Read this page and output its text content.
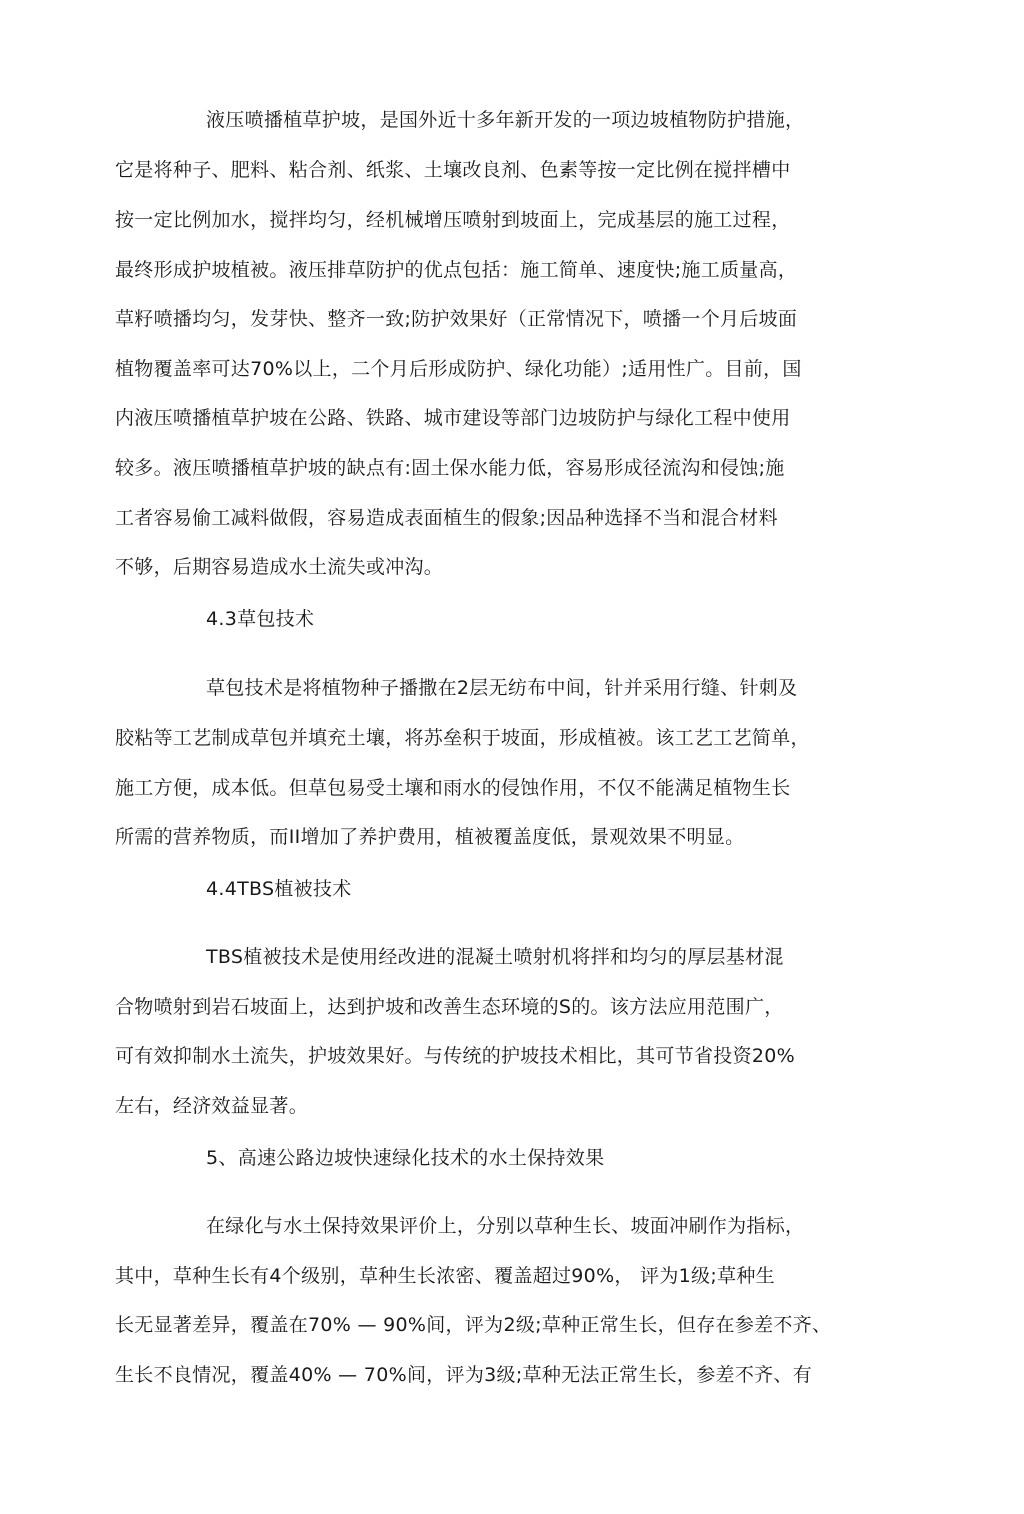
液压喷播植草护坡，是国外近十多年新开发的一项边坡植物防护措施，
它是将种子、肥料、粘合剂、纸浆、土壤改良剂、色素等按一定比例在搅拌槽中
按一定比例加水，搅拌均匀，经机械增压喷射到坡面上，完成基层的施工过程，
最终形成护坡植被。液压排草防护的优点包括：施工简单、速度快;施工质量高，
草籽喷播均匀，发芽快、整齐一致;防护效果好（正常情况下，喷播一个月后坡面
植物覆盖率可达70%以上，二个月后形成防护、绿化功能）;适用性广。目前，国
内液压喷播植草护坡在公路、铁路、城市建设等部门边坡防护与绿化工程中使用
较多。液压喷播植草护坡的缺点有:固土保水能力低，容易形成径流沟和侵蚀;施
工者容易偷工减料做假，容易造成表面植生的假象;因品种选择不当和混合材料
不够，后期容易造成水土流失或冲沟。
4.3草包技术
草包技术是将植物种子播撒在2层无纺布中间，针并采用行缝、针刺及
胶粘等工艺制成草包并填充土壤，将苏垒积于坡面，形成植被。该工艺工艺简单，
施工方便，成本低。但草包易受土壤和雨水的侵蚀作用，不仅不能满足植物生长
所需的营养物质，而II增加了养护费用，植被覆盖度低，景观效果不明显。
4.4TBS植被技术
TBS植被技术是使用经改进的混凝土喷射机将拌和均匀的厚层基材混
合物喷射到岩石坡面上，达到护坡和改善生态环境的S的。该方法应用范围广，
可有效抑制水土流失，护坡效果好。与传统的护坡技术相比，其可节省投资20%
左右，经济效益显著。
5、高速公路边坡快速绿化技术的水土保持效果
在绿化与水土保持效果评价上，分别以草种生长、坡面冲刷作为指标，
其中，草种生长有4个级别，草种生长浓密、覆盖超过90%， 评为1级;草种生
长无显著差异，覆盖在70% — 90%间，评为2级;草种正常生长，但存在参差不齐、
生长不良情况，覆盖40% — 70%间，评为3级;草种无法正常生长，参差不齐、有
